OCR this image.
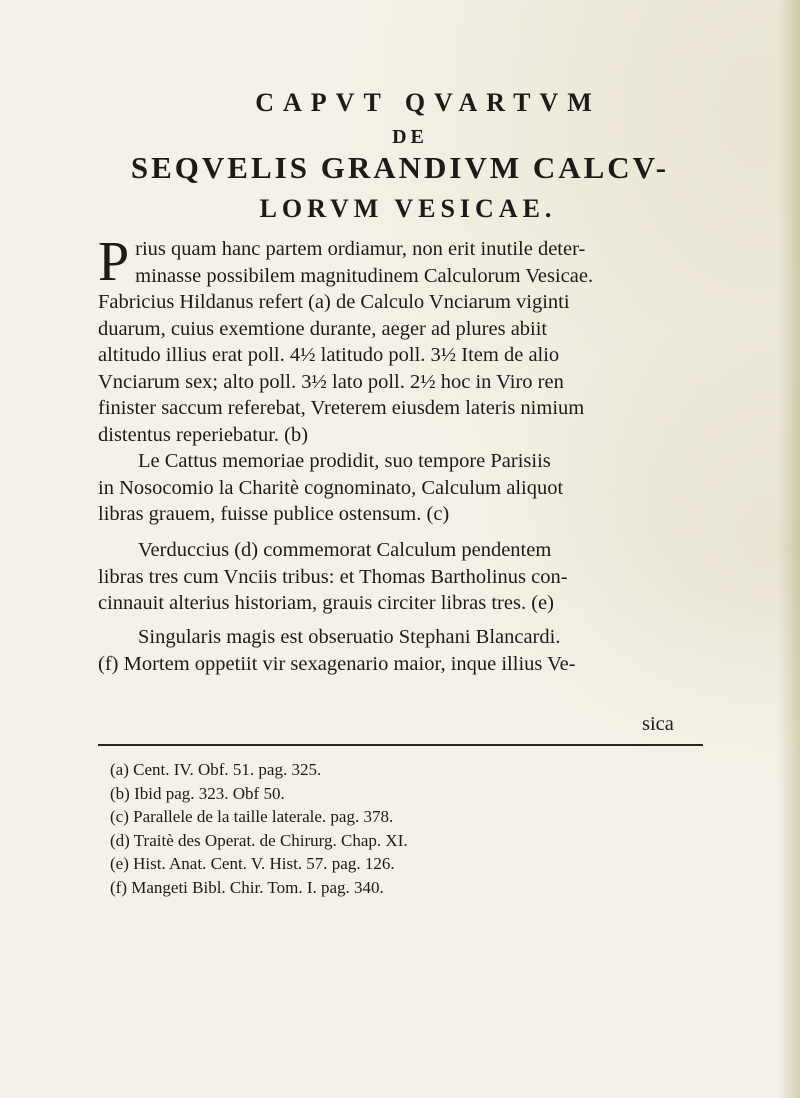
CAPVT QVARTVM
DE
SEQVELIS GRANDIVM CALCV-
LORVM VESICAE.
P rius quam hanc partem ordiamur, non erit inutile deter-
minasse possibilem magnitudinem Calculorum Vesicae.
Fabricius Hildanus refert (a) de Calculo Vnciarum viginti
duarum, cuius exemtione durante, aeger ad plures abiit
altitudo illius erat poll. 4½ latitudo poll. 3½ Item de alio
Vnciarum sex; alto poll. 3½ lato poll. 2½ hoc in Viro ren
finister saccum referebat, Vreterem eiusdem lateris nimium
distentus reperiebatur. (b)
Le Cattus memoriae prodidit, suo tempore Parisiis
in Nosocomio la Charitè cognominato, Calculum aliquot
libras grauem, fuisse publice ostensum. (c)
Verduccius (d) commemorat Calculum pendentem
libras tres cum Vnciis tribus: et Thomas Bartholinus con-
cinnauit alterius historiam, grauis circiter libras tres. (e)
Singularis magis est obseruatio Stephani Blancardi.
(f) Mortem oppetiit vir sexagenario maior, inque illius Ve-
sica
(a) Cent. IV. Obf. 51. pag. 325.
(b) Ibid pag. 323. Obf 50.
(c) Parallele de la taille laterale. pag. 378.
(d) Traitè des Operat. de Chirurg. Chap. XI.
(e) Hist. Anat. Cent. V. Hist. 57. pag. 126.
(f) Mangeti Bibl. Chir. Tom. I. pag. 340.
